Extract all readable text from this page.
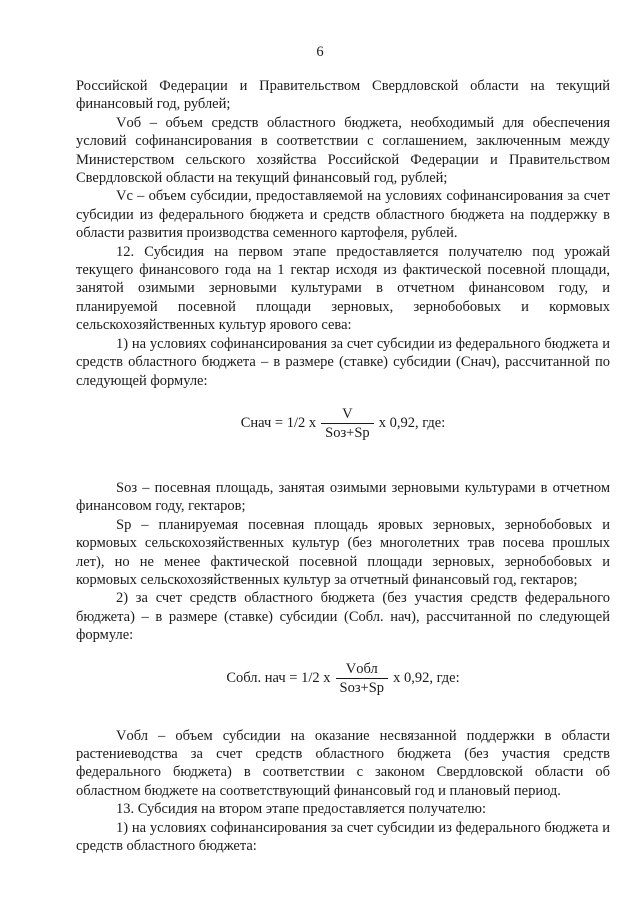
6

Российской Федерации и Правительством Свердловской области на текущий финансовый год, рублей;

Vоб – объем средств областного бюджета, необходимый для обеспечения условий софинансирования в соответствии с соглашением, заключенным между Министерством сельского хозяйства Российской Федерации и Правительством Свердловской области на текущий финансовый год, рублей;

Vс – объем субсидии, предоставляемой на условиях софинансирования за счет субсидии из федерального бюджета и средств областного бюджета на поддержку в области развития производства семенного картофеля, рублей.

12. Субсидия на первом этапе предоставляется получателю под урожай текущего финансового года на 1 гектар исходя из фактической посевной площади, занятой озимыми зерновыми культурами в отчетном финансовом году, и планируемой посевной площади зерновых, зернобобовых и кормовых сельскохозяйственных культур ярового сева:

1) на условиях софинансирования за счет субсидии из федерального бюджета и средств областного бюджета – в размере (ставке) субсидии (Снач), рассчитанной по следующей формуле:

Снач = 1/2 x $\frac{V}{\text{Sоз+Sp}}$ x 0,92, где:

Sоз – посевная площадь, занятая озимыми зерновыми культурами в отчетном финансовом году, гектаров;

Sp – планируемая посевная площадь яровых зерновых, зернобобовых и кормовых сельскохозяйственных культур (без многолетних трав посева прошлых лет), но не менее фактической посевной площади зерновых, зернобобовых и кормовых сельскохозяйственных культур за отчетный финансовый год, гектаров;

2) за счет средств областного бюджета (без участия средств федерального бюджета) – в размере (ставке) субсидии (Собл. нач), рассчитанной по следующей формуле:

Собл. нач = 1/2 x $\frac{\text{Vобл}}{\text{Sоз+Sp}}$ x 0,92, где:

Vобл – объем субсидии на оказание несвязанной поддержки в области растениеводства за счет средств областного бюджета (без участия средств федерального бюджета) в соответствии с законом Свердловской области об областном бюджете на соответствующий финансовый год и плановый период.

13. Субсидия на втором этапе предоставляется получателю:

1) на условиях софинансирования за счет субсидии из федерального бюджета и средств областного бюджета:
